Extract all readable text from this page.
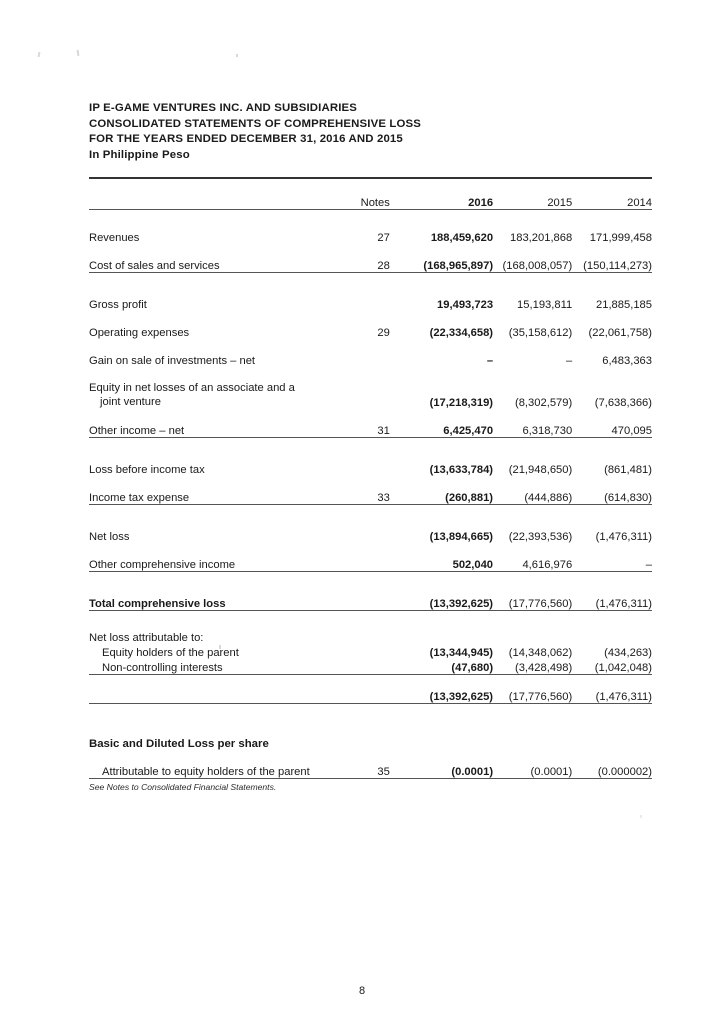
IP E-GAME VENTURES INC. AND SUBSIDIARIES
CONSOLIDATED STATEMENTS OF COMPREHENSIVE LOSS
FOR THE YEARS ENDED DECEMBER 31, 2016 AND 2015
In Philippine Peso

	Notes	2016	2015	2014

Revenues	27	188,459,620	183,201,868	171,999,458
Cost of sales and services	28	(168,965,897)	(168,008,057)	(150,114,273)

Gross profit		19,493,723	15,193,811	21,885,185
Operating expenses	29	(22,334,658)	(35,158,612)	(22,061,758)
Gain on sale of investments – net		–	–	6,483,363
Equity in net losses of an associate and a
joint venture		(17,218,319)	(8,302,579)	(7,638,366)
Other income – net	31	6,425,470	6,318,730	470,095

Loss before income tax		(13,633,784)	(21,948,650)	(861,481)
Income tax expense	33	(260,881)	(444,886)	(614,830)

Net loss		(13,894,665)	(22,393,536)	(1,476,311)
Other comprehensive income		502,040	4,616,976	–

Total comprehensive loss		(13,392,625)	(17,776,560)	(1,476,311)

Net loss attributable to:				
Equity holders of the parent		(13,344,945)	(14,348,062)	(434,263)
Non-controlling interests		(47,680)	(3,428,498)	(1,042,048)
		(13,392,625)	(17,776,560)	(1,476,311)

Basic and Diluted Loss per share				
Attributable to equity holders of the parent	35	(0.0001)	(0.0001)	(0.000002)
See Notes to Consolidated Financial Statements.				
8
